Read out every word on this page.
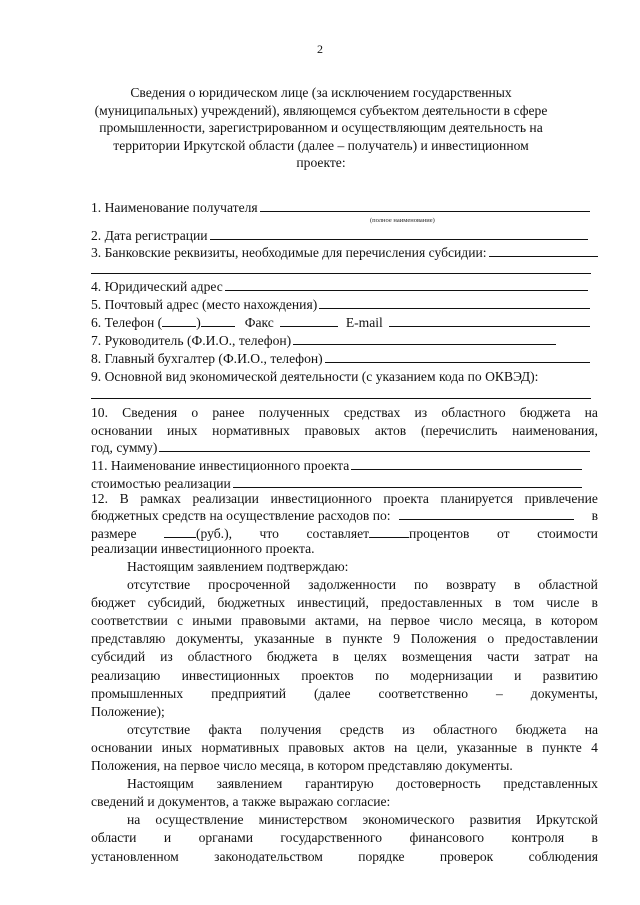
2
Сведения о юридическом лице (за исключением государственных
(муниципальных) учреждений), являющемся субъектом деятельности в сфере
промышленности, зарегистрированном и осуществляющим деятельность на
территории Иркутской области (далее – получатель) и инвестиционном
проекте:
1. Наименование получателя
(полное наименование)
2. Дата регистрации
3. Банковские реквизиты, необходимые для перечисления субсидии:
4. Юридический адрес
5. Почтовый адрес (место нахождения)
6. Телефон (	)	Факс	E-mail
7. Руководитель (Ф.И.О., телефон)
8. Главный бухгалтер (Ф.И.О., телефон)
9. Основной вид экономической деятельности (с указанием кода по ОКВЭД):
10. Сведения о ранее полученных средствах из областного бюджета на
основании иных нормативных правовых актов (перечислить наименования,
год, сумму)
11. Наименование инвестиционного проекта
стоимостью реализации
12. В рамках реализации инвестиционного проекта планируется привлечение
бюджетных средств на осуществление расходов по:	в
размере	(руб.), что составляет	процентов от стоимости
реализации инвестиционного проекта.
Настоящим заявлением подтверждаю:
отсутствие просроченной задолженности по возврату в областной
бюджет субсидий, бюджетных инвестиций, предоставленных в том числе в
соответствии с иными правовыми актами, на первое число месяца, в котором
представляю документы, указанные в пункте 9 Положения о предоставлении
субсидий из областного бюджета в целях возмещения части затрат на
реализацию инвестиционных проектов по модернизации и развитию
промышленных предприятий (далее соответственно – документы,
Положение);
отсутствие факта получения средств из областного бюджета на
основании иных нормативных правовых актов на цели, указанные в пункте 4
Положения, на первое число месяца, в котором представляю документы.
Настоящим заявлением гарантирую достоверность представленных
сведений и документов, а также выражаю согласие:
на осуществление министерством экономического развития Иркутской
области и органами государственного финансового контроля в
установленном	законодательством	порядке	проверок	соблюдения
